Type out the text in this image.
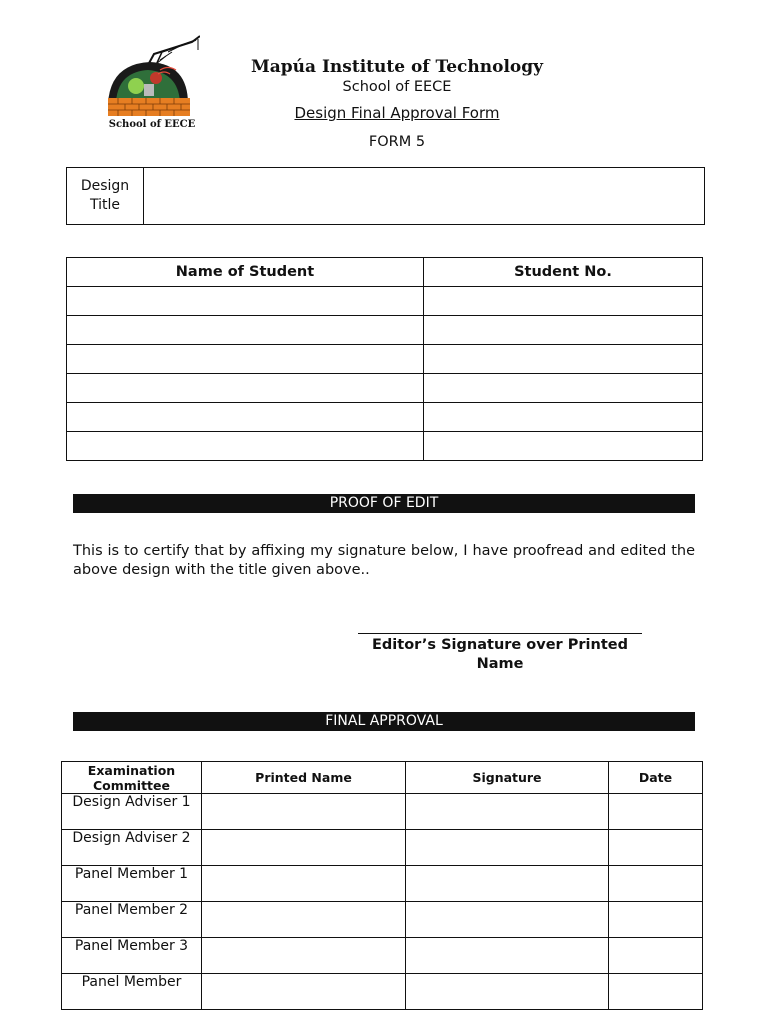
School of EECE
Mapúa Institute of Technology
School of EECE
Design Final Approval Form
FORM 5
Design Title	
Name of Student	Student No.

PROOF OF EDIT
This is to certify that by affixing my signature below, I have proofread and edited the above design with the title given above..
Editor’s Signature over Printed Name
FINAL APPROVAL
Examination Committee	Printed Name	Signature	Date
Design Adviser 1			
Design Adviser 2			
Panel Member 1			
Panel Member 2			
Panel Member 3			
Panel Member			
